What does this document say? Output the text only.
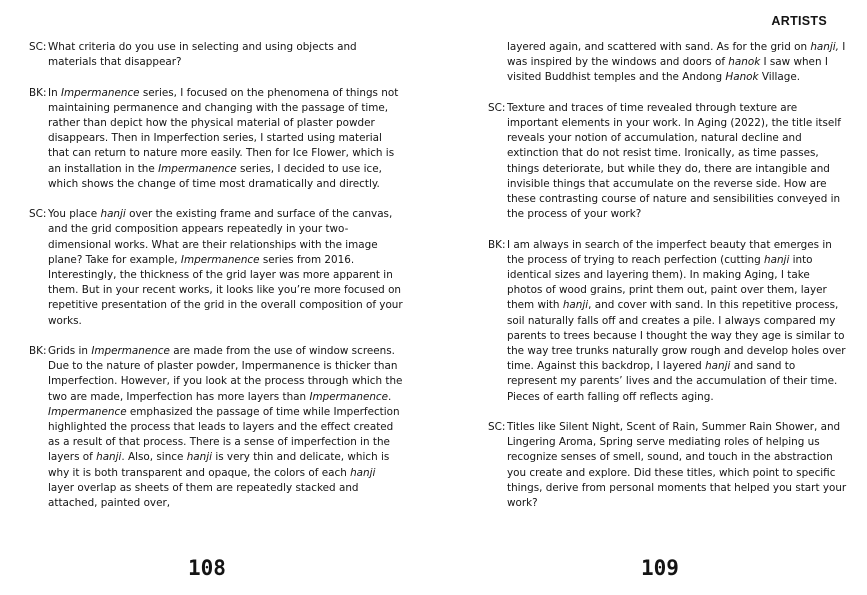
SC: What criteria do you use in selecting and using objects and materials that disappear?

BK: In Impermanence series, I focused on the phenomena of things not maintaining permanence and changing with the passage of time, rather than depict how the physical material of plaster powder disappears. Then in Imperfection series, I started using material that can return to nature more easily. Then for Ice Flower, which is an installation in the Impermanence series, I decided to use ice, which shows the change of time most dramatically and directly.

SC: You place hanji over the existing frame and surface of the canvas, and the grid composition appears repeatedly in your two-dimensional works. What are their relationships with the image plane? Take for example, Impermanence series from 2016. Interestingly, the thickness of the grid layer was more apparent in them. But in your recent works, it looks like you’re more focused on repetitive presentation of the grid in the overall composition of your works.

BK: Grids in Impermanence are made from the use of window screens. Due to the nature of plaster powder, Impermanence is thicker than Imperfection. However, if you look at the process through which the two are made, Imperfection has more layers than Impermanence. Impermanence emphasized the passage of time while Imperfection highlighted the process that leads to layers and the effect created as a result of that process. There is a sense of imperfection in the layers of hanji. Also, since hanji is very thin and delicate, which is why it is both transparent and opaque, the colors of each hanji layer overlap as sheets of them are repeatedly stacked and attached, painted over,

108
ARTISTS

layered again, and scattered with sand. As for the grid on hanji, I was inspired by the windows and doors of hanok I saw when I visited Buddhist temples and the Andong Hanok Village.

SC: Texture and traces of time revealed through texture are important elements in your work. In Aging (2022), the title itself reveals your notion of accumulation, natural decline and extinction that do not resist time. Ironically, as time passes, things deteriorate, but while they do, there are intangible and invisible things that accumulate on the reverse side. How are these contrasting course of nature and sensibilities conveyed in the process of your work?

BK: I am always in search of the imperfect beauty that emerges in the process of trying to reach perfection (cutting hanji into identical sizes and layering them). In making Aging, I take photos of wood grains, print them out, paint over them, layer them with hanji, and cover with sand. In this repetitive process, soil naturally falls off and creates a pile. I always compared my parents to trees because I thought the way they age is similar to the way tree trunks naturally grow rough and develop holes over time. Against this backdrop, I layered hanji and sand to represent my parents’ lives and the accumulation of their time. Pieces of earth falling off reflects aging.

SC: Titles like Silent Night, Scent of Rain, Summer Rain Shower, and Lingering Aroma, Spring serve mediating roles of helping us recognize senses of smell, sound, and touch in the abstraction you create and explore. Did these titles, which point to specific things, derive from personal moments that helped you start your work?

109
